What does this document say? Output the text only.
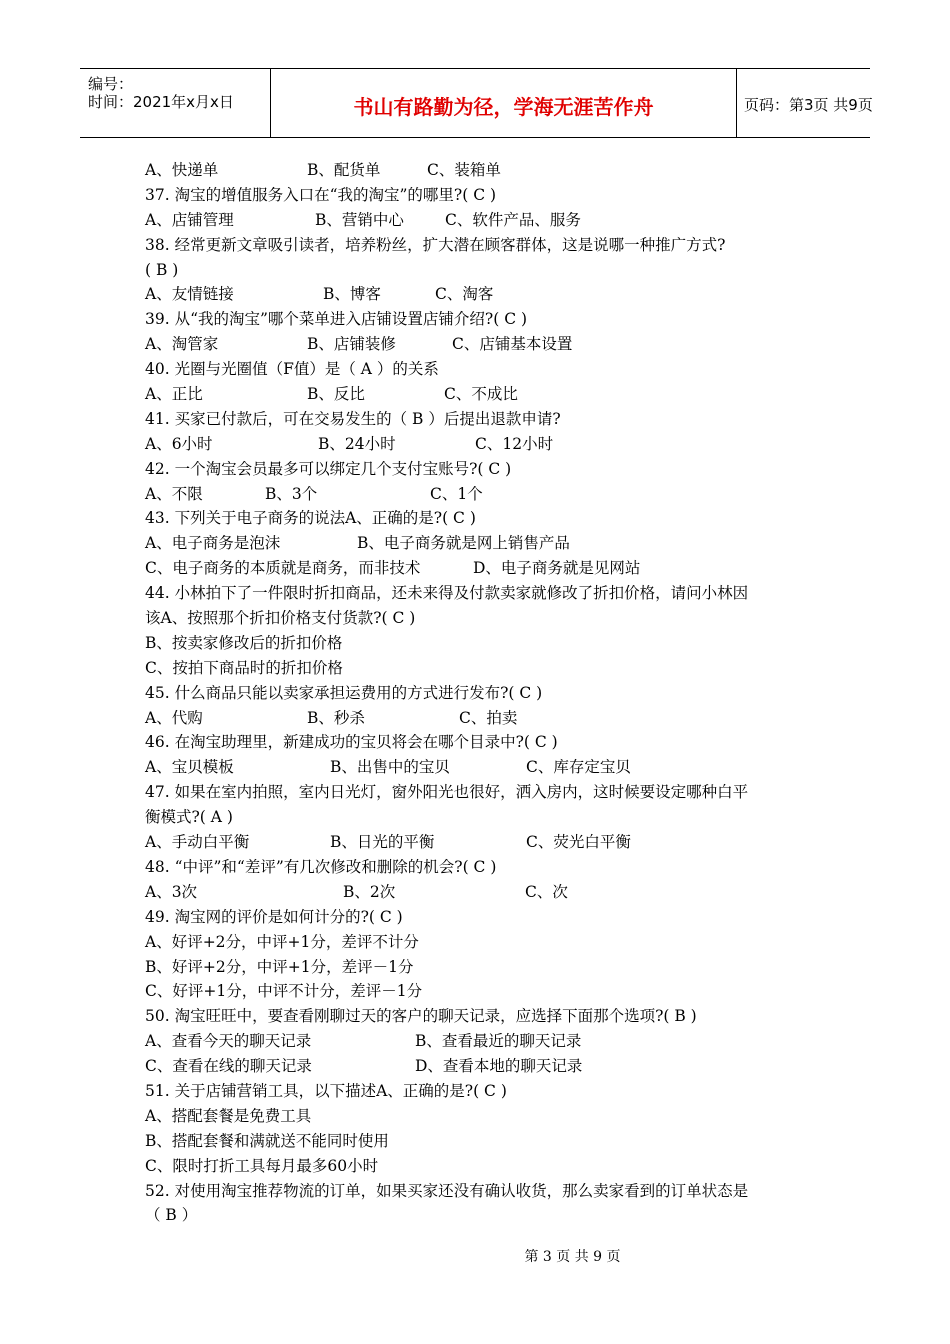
编号：
时间：2021年x月x日	书山有路勤为径，学海无涯苦作舟	页码：第3页 共9页
A、快递单	B、配货单	C、装箱单
37. 淘宝的增值服务入口在“我的淘宝”的哪里?( C )
A、店铺管理	B、营销中心	C、软件产品、服务
38. 经常更新文章吸引读者，培养粉丝，扩大潜在顾客群体，这是说哪一种推广方式?
( B )
A、友情链接	B、博客	C、淘客
39. 从“我的淘宝”哪个菜单进入店铺设置店铺介绍?( C )
A、淘管家	B、店铺装修	C、店铺基本设置
40. 光圈与光圈值（F值）是（ A ）的关系
A、正比	B、反比	C、不成比
41. 买家已付款后，可在交易发生的（ B ）后提出退款申请?
A、6小时	B、24小时	C、12小时
42. 一个淘宝会员最多可以绑定几个支付宝账号?( C )
A、不限	B、3个	C、1个
43. 下列关于电子商务的说法A、正确的是?( C )
A、电子商务是泡沫	B、电子商务就是网上销售产品
C、电子商务的本质就是商务，而非技术	D、电子商务就是见网站
44. 小林拍下了一件限时折扣商品，还未来得及付款卖家就修改了折扣价格，请问小林因
该A、按照那个折扣价格支付货款?( C )
B、按卖家修改后的折扣价格
C、按拍下商品时的折扣价格
45. 什么商品只能以卖家承担运费用的方式进行发布?( C )
A、代购	B、秒杀	C、拍卖
46. 在淘宝助理里，新建成功的宝贝将会在哪个目录中?( C )
A、宝贝模板	B、出售中的宝贝	C、库存定宝贝
47. 如果在室内拍照，室内日光灯，窗外阳光也很好，洒入房内，这时候要设定哪种白平
衡模式?( A )
A、手动白平衡	B、日光的平衡	C、荧光白平衡
48. “中评”和“差评”有几次修改和删除的机会?( C )
A、3次	B、2次	C、次
49. 淘宝网的评价是如何计分的?( C )
A、好评+2分，中评+1分，差评不计分
B、好评+2分，中评+1分，差评－1分
C、好评+1分，中评不计分，差评－1分
50. 淘宝旺旺中，要查看刚聊过天的客户的聊天记录，应选择下面那个选项?( B )
A、查看今天的聊天记录	B、查看最近的聊天记录
C、查看在线的聊天记录	D、查看本地的聊天记录
51. 关于店铺营销工具，以下描述A、正确的是?( C )
A、搭配套餐是免费工具
B、搭配套餐和满就送不能同时使用
C、限时打折工具每月最多60小时
52. 对使用淘宝推荐物流的订单，如果买家还没有确认收货，那么卖家看到的订单状态是
（ B ）
第 3 页 共 9 页
